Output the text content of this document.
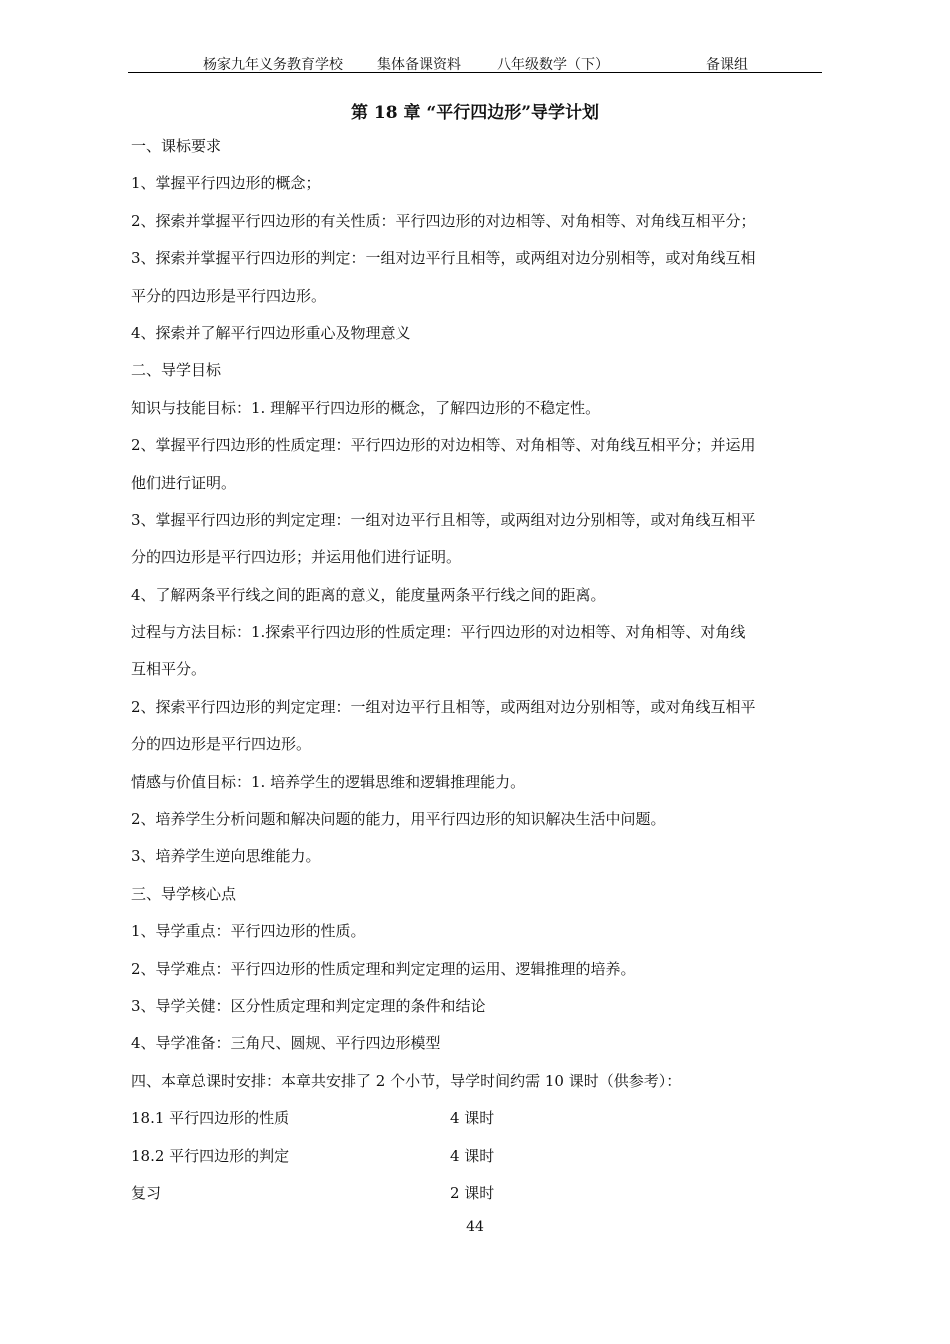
杨家九年义务教育学校 集体备课资料	八年级数学（下）	备课组
第 18 章 “平行四边形”导学计划
一、课标要求
1、掌握平行四边形的概念；
2、探索并掌握平行四边形的有关性质：平行四边形的对边相等、对角相等、对角线互相平分；
3、探索并掌握平行四边形的判定：一组对边平行且相等，或两组对边分别相等，或对角线互相
平分的四边形是平行四边形。
4、探索并了解平行四边形重心及物理意义
二、导学目标
知识与技能目标：1. 理解平行四边形的概念，了解四边形的不稳定性。
2、掌握平行四边形的性质定理：平行四边形的对边相等、对角相等、对角线互相平分；并运用
他们进行证明。
3、掌握平行四边形的判定定理：一组对边平行且相等，或两组对边分别相等，或对角线互相平
分的四边形是平行四边形；并运用他们进行证明。
4、了解两条平行线之间的距离的意义，能度量两条平行线之间的距离。
过程与方法目标：1.探索平行四边形的性质定理：平行四边形的对边相等、对角相等、对角线
互相平分。
2、探索平行四边形的判定定理：一组对边平行且相等，或两组对边分别相等，或对角线互相平
分的四边形是平行四边形。
情感与价值目标：1. 培养学生的逻辑思维和逻辑推理能力。
2、培养学生分析问题和解决问题的能力，用平行四边形的知识解决生活中问题。
3、培养学生逆向思维能力。
三、导学核心点
1、导学重点：平行四边形的性质。
2、导学难点：平行四边形的性质定理和判定定理的运用、逻辑推理的培养。
3、导学关健：区分性质定理和判定定理的条件和结论
4、导学准备：三角尺、圆规、平行四边形模型
四、本章总课时安排：本章共安排了 2 个小节，导学时间约需 10 课时（供参考）：
18.1 平行四边形的性质	4 课时
18.2 平行四边形的判定	4 课时
复习	2 课时
44
